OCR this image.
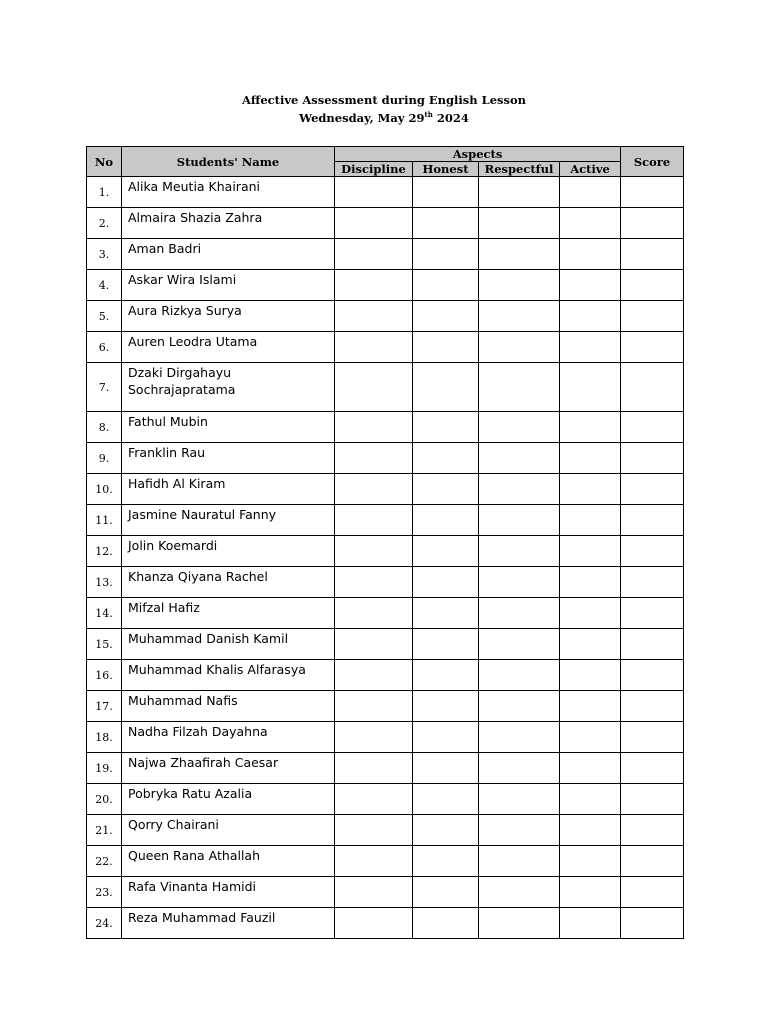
Affective Assessment during English Lesson
Wednesday, May 29th 2024
No	Students' Name	Aspects				Score
		Discipline	Honest	Respectful	Active	
1.	Alika Meutia Khairani					
2.	Almaira Shazia Zahra					
3.	Aman Badri					
4.	Askar Wira Islami					
5.	Aura Rizkya Surya					
6.	Auren Leodra Utama					
7.	Dzaki Dirgahayu Sochrajapratama					
8.	Fathul Mubin					
9.	Franklin Rau					
10.	Hafidh Al Kiram					
11.	Jasmine Nauratul Fanny					
12.	Jolin Koemardi					
13.	Khanza Qiyana Rachel					
14.	Mifzal Hafiz					
15.	Muhammad Danish Kamil					
16.	Muhammad Khalis Alfarasya					
17.	Muhammad Nafis					
18.	Nadha Filzah Dayahna					
19.	Najwa Zhaafirah Caesar					
20.	Pobryka Ratu Azalia					
21.	Qorry Chairani					
22.	Queen Rana Athallah					
23.	Rafa Vinanta Hamidi					
24.	Reza Muhammad Fauzil					
